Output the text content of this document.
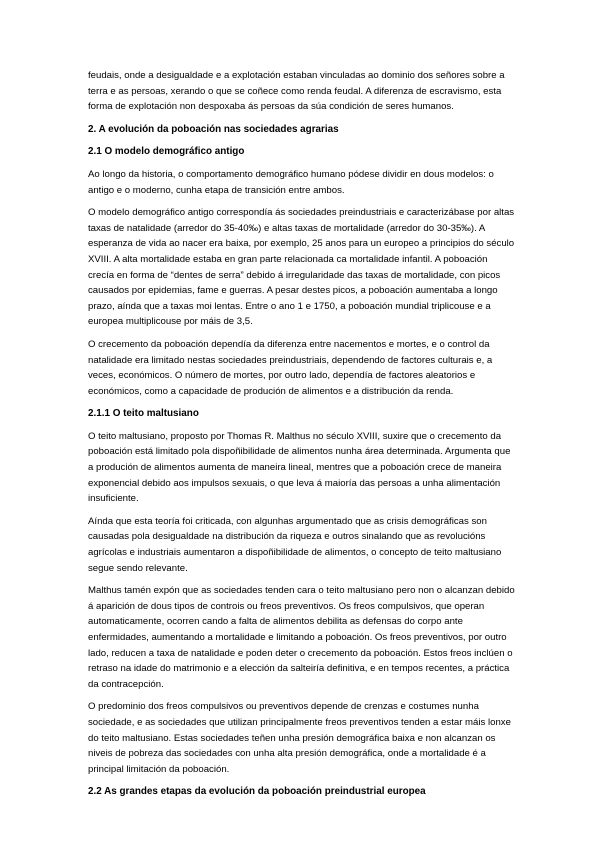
feudais, onde a desigualdade e a explotación estaban vinculadas ao dominio dos señores sobre a terra e as persoas, xerando o que se coñece como renda feudal. A diferenza de escravismo, esta forma de explotación non despoxaba ás persoas da súa condición de seres humanos.

2. A evolución da poboación nas sociedades agrarias
2.1 O modelo demográfico antigo

Ao longo da historia, o comportamento demográfico humano pódese dividir en dous modelos: o antigo e o moderno, cunha etapa de transición entre ambos.

O modelo demográfico antigo correspondía ás sociedades preindustriais e caracterizábase por altas taxas de natalidade (arredor do 35-40‰) e altas taxas de mortalidade (arredor do 30-35‰). A esperanza de vida ao nacer era baixa, por exemplo, 25 anos para un europeo a principios do século XVIII. A alta mortalidade estaba en gran parte relacionada ca mortalidade infantil. A poboación crecía en forma de “dentes de serra” debido á irregularidade das taxas de mortalidade, con picos causados por epidemias, fame e guerras. A pesar destes picos, a poboación aumentaba a longo prazo, aínda que a taxas moi lentas. Entre o ano 1 e 1750, a poboación mundial triplicouse e a europea multiplicouse por máis de 3,5.

O crecemento da poboación dependía da diferenza entre nacementos e mortes, e o control da natalidade era limitado nestas sociedades preindustriais, dependendo de factores culturais e, a veces, económicos. O número de mortes, por outro lado, dependía de factores aleatorios e económicos, como a capacidade de produción de alimentos e a distribución da renda.

2.1.1 O teito maltusiano

O teito maltusiano, proposto por Thomas R. Malthus no século XVIII, suxire que o crecemento da poboación está limitado pola dispoñibilidade de alimentos nunha área determinada. Argumenta que a produción de alimentos aumenta de maneira lineal, mentres que a poboación crece de maneira exponencial debido aos impulsos sexuais, o que leva á maioría das persoas a unha alimentación insuficiente.

Aínda que esta teoría foi criticada, con algunhas argumentado que as crisis demográficas son causadas pola desigualdade na distribución da riqueza e outros sinalando que as revolucións agrícolas e industriais aumentaron a dispoñibilidade de alimentos, o concepto de teito maltusiano segue sendo relevante.

Malthus tamén expón que as sociedades tenden cara o teito maltusiano pero non o alcanzan debido á aparición de dous tipos de controis ou freos preventivos. Os freos compulsivos, que operan automaticamente, ocorren cando a falta de alimentos debilita as defensas do corpo ante enfermidades, aumentando a mortalidade e limitando a poboación. Os freos preventivos, por outro lado, reducen a taxa de natalidade e poden deter o crecemento da poboación. Estos freos inclúen o retraso na idade do matrimonio e a elección da salteiría definitiva, e en tempos recentes, a práctica da contracepción.

O predominio dos freos compulsivos ou preventivos depende de crenzas e costumes nunha sociedade, e as sociedades que utilizan principalmente freos preventivos tenden a estar máis lonxe do teito maltusiano. Estas sociedades teñen unha presión demográfica baixa e non alcanzan os niveis de pobreza das sociedades con unha alta presión demográfica, onde a mortalidade é a principal limitación da poboación.

2.2 As grandes etapas da evolución da poboación preindustrial europea
